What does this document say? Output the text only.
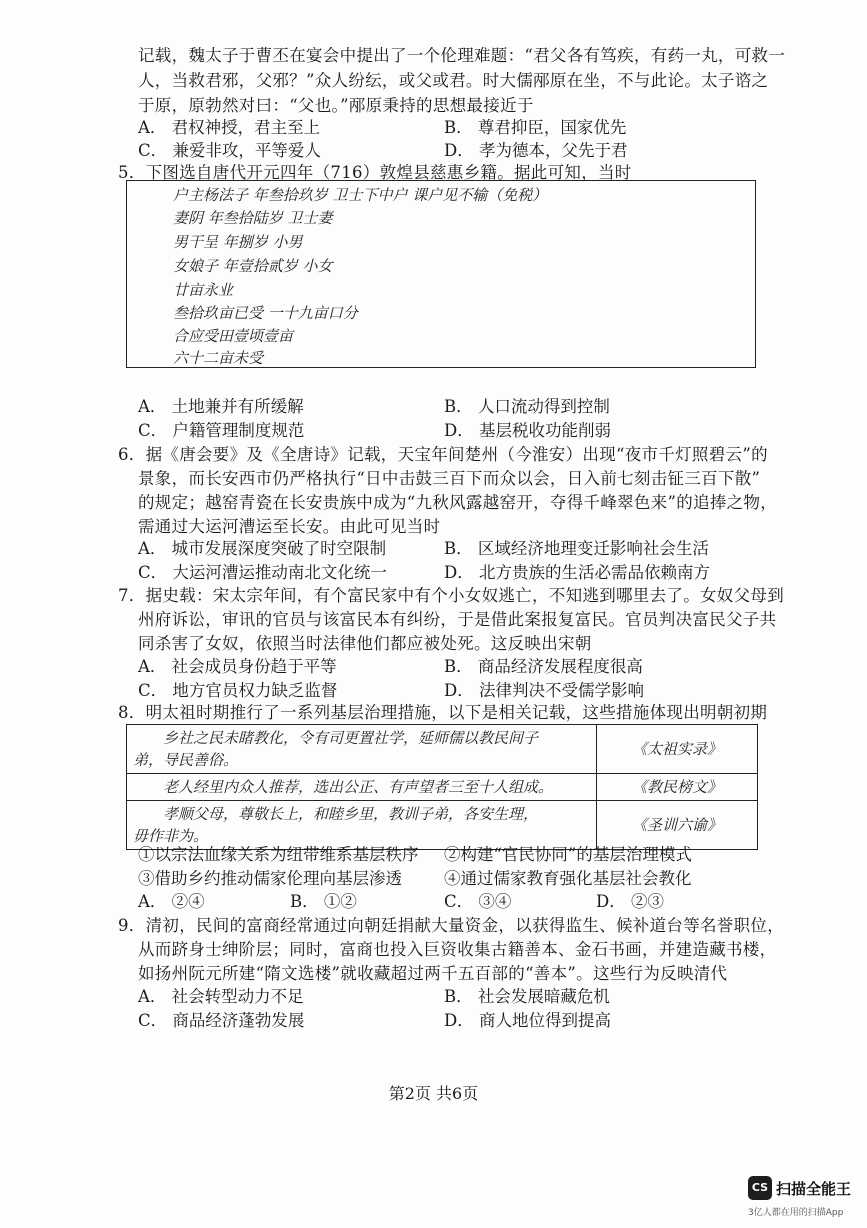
记载，魏太子于曹丕在宴会中提出了一个伦理难题：“君父各有笃疾，有药一丸，可救一
人，当救君邪，父邪？”众人纷纭，或父或君。时大儒邴原在坐，不与此论。太子谘之
于原，原勃然对曰：“父也。”邴原秉持的思想最接近于
A． 君权神授，君主至上	B． 尊君抑臣，国家优先
C． 兼爱非攻，平等爱人	D． 孝为德本，父先于君
5．下图选自唐代开元四年（716）敦煌县慈惠乡籍。据此可知，当时
户主杨法子 年叁拾玖岁 卫士下中户 课户见不输（免税）
妻阴 年叁拾陆岁 卫士妻
男干呈 年捌岁 小男
女娘子 年壹拾贰岁 小女
廿亩永业
叁拾玖亩已受 一十九亩口分
合应受田壹顷壹亩
六十二亩未受
A． 土地兼并有所缓解	B． 人口流动得到控制
C． 户籍管理制度规范	D． 基层税收功能削弱
6．据《唐会要》及《全唐诗》记载，天宝年间楚州（今淮安）出现“夜市千灯照碧云”的
景象，而长安西市仍严格执行“日中击鼓三百下而众以会，日入前七刻击钲三百下散”
的规定；越窑青瓷在长安贵族中成为“九秋风露越窑开，夺得千峰翠色来”的追捧之物，
需通过大运河漕运至长安。由此可见当时
A． 城市发展深度突破了时空限制	B． 区域经济地理变迁影响社会生活
C． 大运河漕运推动南北文化统一	D． 北方贵族的生活必需品依赖南方
7．据史载：宋太宗年间，有个富民家中有个小女奴逃亡，不知逃到哪里去了。女奴父母到
州府诉讼，审讯的官员与该富民本有纠纷，于是借此案报复富民。官员判决富民父子共
同杀害了女奴，依照当时法律他们都应被处死。这反映出宋朝
A． 社会成员身份趋于平等	B． 商品经济发展程度很高
C． 地方官员权力缺乏监督	D． 法律判决不受儒学影响
8．明太祖时期推行了一系列基层治理措施，以下是相关记载，这些措施体现出明朝初期
乡社之民未睹教化，令有司更置社学，延师儒以教民间子
弟，导民善俗。	《太祖实录》

老人经里内众人推荐，选出公正、有声望者三至十人组成。	《教民榜文》

孝顺父母，尊敬长上，和睦乡里，教训子弟，各安生理，
毋作非为。	《圣训六谕》
①以宗法血缘关系为纽带维系基层秩序 ②构建“官民协同”的基层治理模式
③借助乡约推动儒家伦理向基层渗透	④通过儒家教育强化基层社会教化
A． ②④	B． ①②	C． ③④	D． ②③
9．清初，民间的富商经常通过向朝廷捐献大量资金，以获得监生、候补道台等名誉职位，
从而跻身士绅阶层；同时，富商也投入巨资收集古籍善本、金石书画，并建造藏书楼，
如扬州阮元所建“隋文选楼”就收藏超过两千五百部的“善本”。这些行为反映清代
A． 社会转型动力不足	B． 社会发展暗藏危机
C． 商品经济蓬勃发展	D． 商人地位得到提高
第2页 共6页
CS 扫描全能王
3亿人都在用的扫描App
